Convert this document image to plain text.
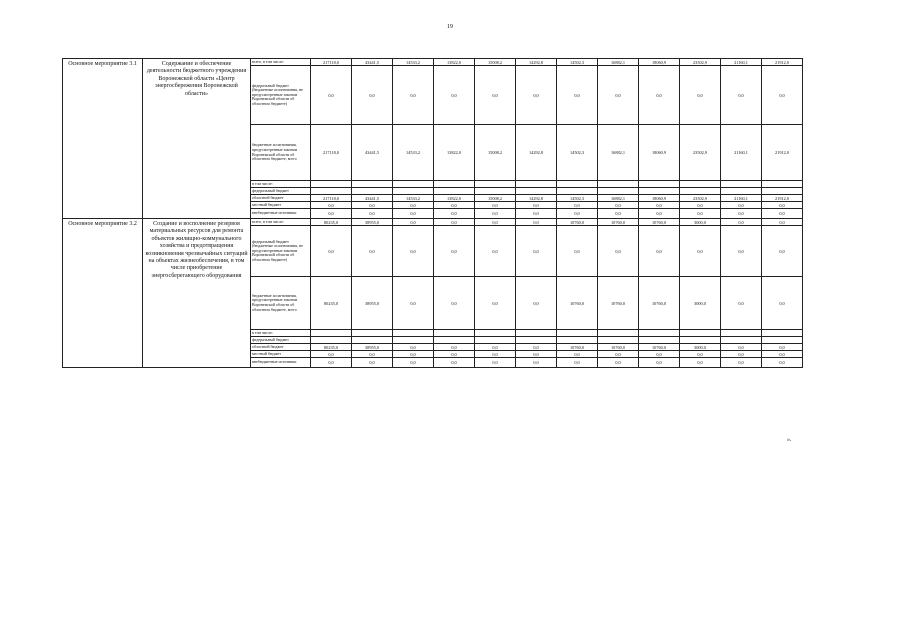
19
Основное мероприятие 3.1	Содержание и обеспечение деятельности бюджетного учреждения Воронежской области «Центр энергосбережения Воронежской области»	всего, в том числе:	217118,0	43441,5	14533,2	13822,0	15008,2	14292,8	14502,3	16882,1	18060,9	23502,9	21160,1	21912,0
		федеральный бюджет (бюджетные ассигнования, не предусмотренные законом Воронежской области об областном бюджете)	0,0	0,0	0,0	0,0	0,0	0,0	0,0	0,0	0,0	0,0	0,0	0,0
		бюджетные ассигнования, предусмотренные законом Воронежской области об областном бюджете, всего	217118,0	43441,5	14533,2	13822,0	15008,2	14292,8	14502,3	16882,1	18060,9	23502,9	21160,1	21912,0
		в том числе:												
		федеральный бюджет												
		областной бюджет	217118,0	43441,5	14533,2	13822,0	15008,2	14292,8	14502,3	16882,1	18060,9	23502,9	21160,1	21912,0
		местный бюджет	0,0	0,0	0,0	0,0	0,0	0,0	0,0	0,0	0,0	0,0	0,0	0,0
		внебюджетные источники	0,0	0,0	0,0	0,0	0,0	0,0	0,0	0,0	0,0	0,0	0,0	0,0
Основное мероприятие 3.2	Создание и восполнение резервов материальных ресурсов для ремонта объектов жилищно-коммунального хозяйства и предотвращения возникновения чрезвычайных ситуаций на объектах жизнеобеспечения, в том числе приобретение энергосберегающего оборудования	всего, в том числе:	80235,0	38955,0	0,0	0,0	0,0	0,0	10760,0	10760,0	10760,0	3000,0	0,0	0,0
		федеральный бюджет (бюджетные ассигнования, не предусмотренные законом Воронежской области об областном бюджете)	0,0	0,0	0,0	0,0	0,0	0,0	0,0	0,0	0,0	0,0	0,0	0,0
		бюджетные ассигнования, предусмотренные законом Воронежской области об областном бюджете, всего	80235,0	38955,0	0,0	0,0	0,0	0,0	10760,0	10760,0	10760,0	3000,0	0,0	0,0
		в том числе:												
		федеральный бюджет												
		областной бюджет	80235,0	38955,0	0,0	0,0	0,0	0,0	10760,0	10760,0	10760,0	3000,0	0,0	0,0
		местный бюджет	0,0	0,0	0,0	0,0	0,0	0,0	0,0	0,0	0,0	0,0	0,0	0,0
		внебюджетные источники	0,0	0,0	0,0	0,0	0,0	0,0	0,0	0,0	0,0	0,0	0,0	0,0
».
